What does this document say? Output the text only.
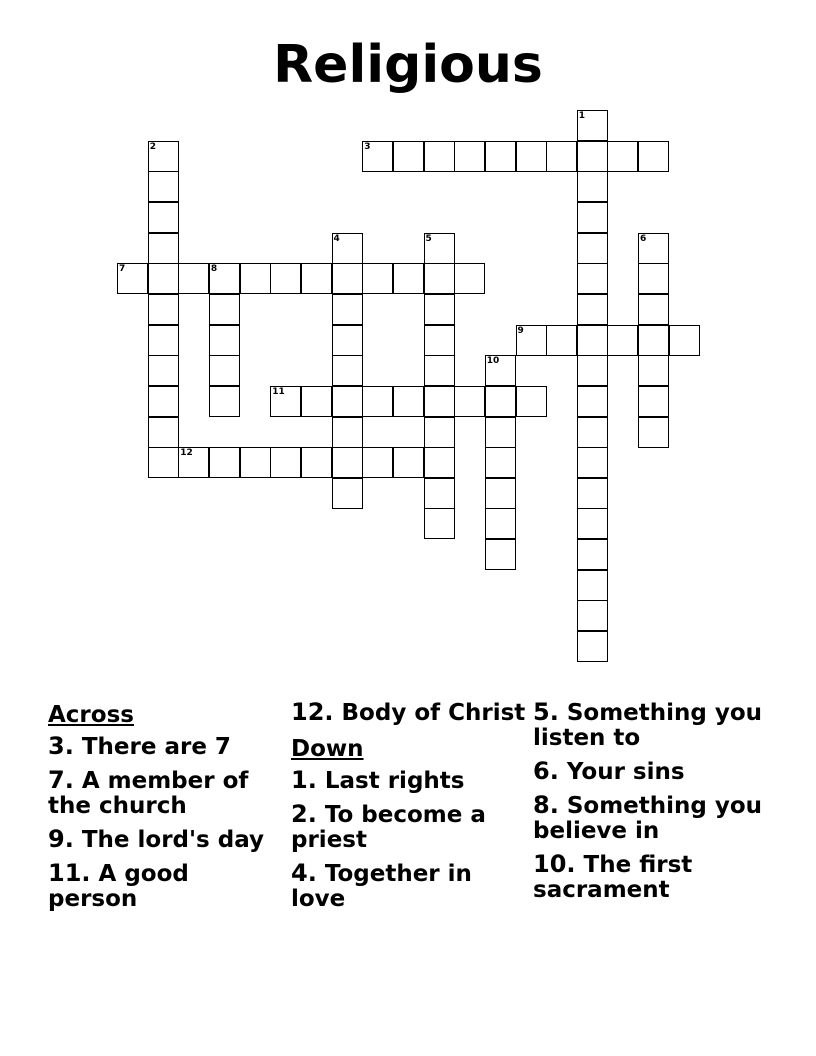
Religious
1
2	3
4	5	6
7	8
9
10
11
12
Across
3. There are 7
7. A member of the church
9. The lord's day
11. A good person
12. Body of Christ
Down
1. Last rights
2. To become a priest
4. Together in love
5. Something you listen to
6. Your sins
8. Something you believe in
10. The first sacrament
